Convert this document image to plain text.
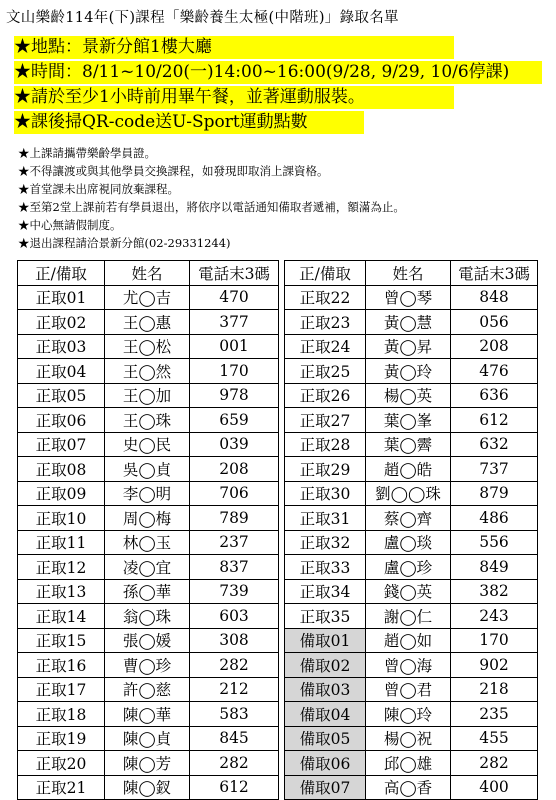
文山樂齡114年(下)課程「樂齡養生太極(中階班)」錄取名單
★地點：景新分館1樓大廳
★時間：8/11~10/20(一)14:00~16:00(9/28, 9/29, 10/6停課)
★請於至少1小時前用畢午餐，並著運動服裝。
★課後掃QR-code送U-Sport運動點數
★上課請攜帶樂齡學員證。
★不得讓渡或與其他學員交換課程，如發現即取消上課資格。
★首堂課未出席視同放棄課程。
★至第2堂上課前若有學員退出，將依序以電話通知備取者遞補，額滿為止。
★中心無請假制度。
★退出課程請洽景新分館(02-29331244)
正/備取	姓名	電話末3碼
正取01	尤◯吉	470
正取02	王◯惠	377
正取03	王◯松	001
正取04	王◯然	170
正取05	王◯加	978
正取06	王◯珠	659
正取07	史◯民	039
正取08	吳◯貞	208
正取09	李◯明	706
正取10	周◯梅	789
正取11	林◯玉	237
正取12	凌◯宜	837
正取13	孫◯華	739
正取14	翁◯珠	603
正取15	張◯媛	308
正取16	曹◯珍	282
正取17	許◯慈	212
正取18	陳◯華	583
正取19	陳◯貞	845
正取20	陳◯芳	282
正取21	陳◯釵	612
正/備取	姓名	電話末3碼
正取22	曾◯琴	848
正取23	黃◯慧	056
正取24	黃◯昇	208
正取25	黃◯玲	476
正取26	楊◯英	636
正取27	葉◯峯	612
正取28	葉◯霽	632
正取29	趙◯皓	737
正取30	劉◯◯珠	879
正取31	蔡◯齊	486
正取32	盧◯琰	556
正取33	盧◯珍	849
正取34	錢◯英	382
正取35	謝◯仁	243
備取01	趙◯如	170
備取02	曾◯海	902
備取03	曾◯君	218
備取04	陳◯玲	235
備取05	楊◯祝	455
備取06	邱◯雄	282
備取07	高◯香	400
